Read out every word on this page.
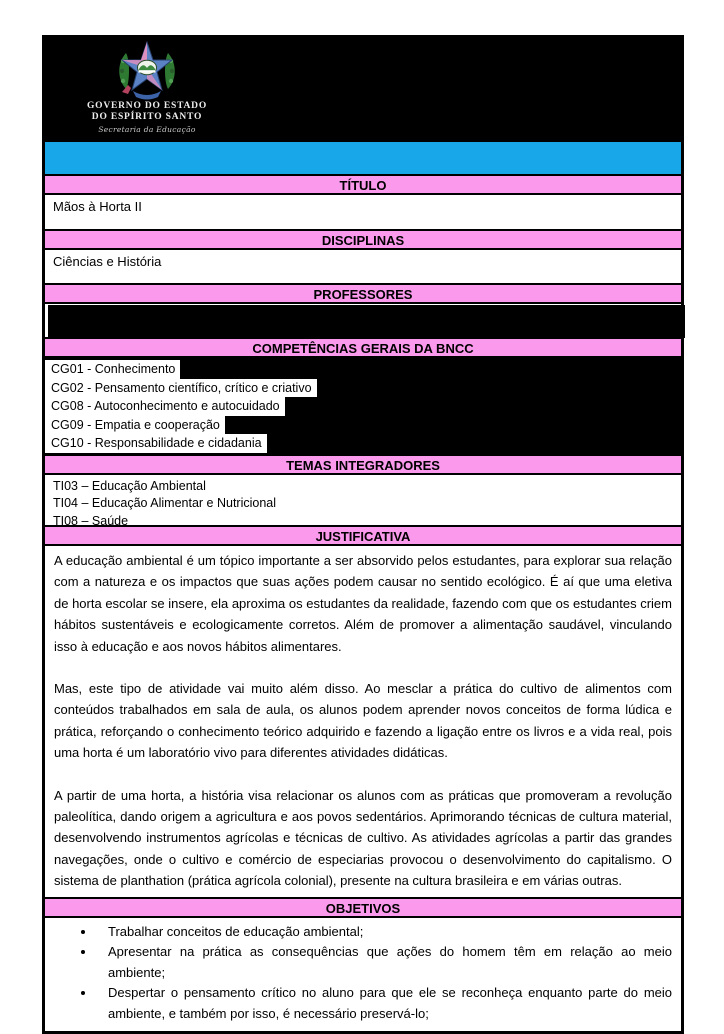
GOVERNO DO ESTADO
DO ESPÍRITO SANTO
Secretaria da Educação
TÍTULO
Mãos à Horta II
DISCIPLINAS
Ciências e História
PROFESSORES
COMPETÊNCIAS GERAIS DA BNCC
CG01 - Conhecimento
CG02 - Pensamento científico, crítico e criativo
CG08 - Autoconhecimento e autocuidado
CG09 - Empatia e cooperação
CG10 - Responsabilidade e cidadania
TEMAS INTEGRADORES
TI03 – Educação Ambiental
TI04 – Educação Alimentar e Nutricional
TI08 – Saúde
JUSTIFICATIVA

A educação ambiental é um tópico importante a ser absorvido pelos estudantes, para explorar sua relação com a natureza e os impactos que suas ações podem causar no sentido ecológico. É aí que uma eletiva de horta escolar se insere, ela aproxima os estudantes da realidade, fazendo com que os estudantes criem hábitos sustentáveis e ecologicamente corretos. Além de promover a alimentação saudável, vinculando isso à educação e aos novos hábitos alimentares.

Mas, este tipo de atividade vai muito além disso. Ao mesclar a prática do cultivo de alimentos com conteúdos trabalhados em sala de aula, os alunos podem aprender novos conceitos de forma lúdica e prática, reforçando o conhecimento teórico adquirido e fazendo a ligação entre os livros e a vida real, pois uma horta é um laboratório vivo para diferentes atividades didáticas.

A partir de uma horta, a história visa relacionar os alunos com as práticas que promoveram a revolução paleolítica, dando origem a agricultura e aos povos sedentários. Aprimorando técnicas de cultura material, desenvolvendo instrumentos agrícolas e técnicas de cultivo. As atividades agrícolas a partir das grandes navegações, onde o cultivo e comércio de especiarias provocou o desenvolvimento do capitalismo. O sistema de planthation (prática agrícola colonial), presente na cultura brasileira e em várias outras.

OBJETIVOS
• Trabalhar conceitos de educação ambiental;
• Apresentar na prática as consequências que ações do homem têm em relação ao meio ambiente;
• Despertar o pensamento crítico no aluno para que ele se reconheça enquanto parte do meio ambiente, e também por isso, é necessário preservá-lo;
